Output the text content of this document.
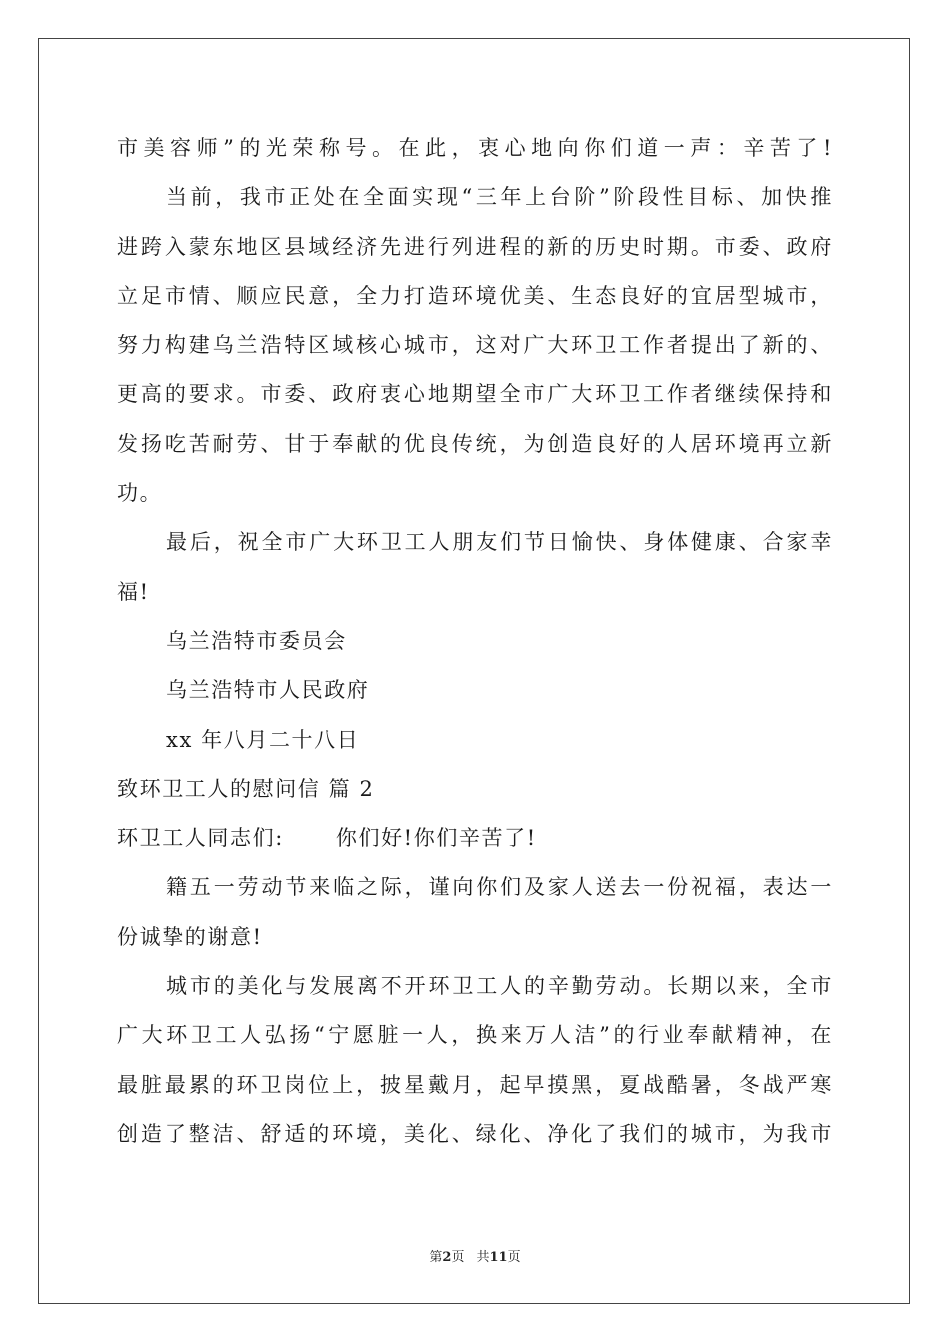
市美容师”的光荣称号。在此，衷心地向你们道一声：辛苦了!
当前，我市正处在全面实现“三年上台阶”阶段性目标、加快推
进跨入蒙东地区县域经济先进行列进程的新的历史时期。市委、政府
立足市情、顺应民意，全力打造环境优美、生态良好的宜居型城市，
努力构建乌兰浩特区域核心城市，这对广大环卫工作者提出了新的、
更高的要求。市委、政府衷心地期望全市广大环卫工作者继续保持和
发扬吃苦耐劳、甘于奉献的优良传统，为创造良好的人居环境再立新
功。
最后，祝全市广大环卫工人朋友们节日愉快、身体健康、合家幸
福!
乌兰浩特市委员会
乌兰浩特市人民政府
xx 年八月二十八日
致环卫工人的慰问信 篇 2
环卫工人同志们: 你们好!你们辛苦了!
籍五一劳动节来临之际，谨向你们及家人送去一份祝福，表达一
份诚挚的谢意!
城市的美化与发展离不开环卫工人的辛勤劳动。长期以来，全市
广大环卫工人弘扬“宁愿脏一人，换来万人洁”的行业奉献精神，在
最脏最累的环卫岗位上，披星戴月，起早摸黑，夏战酷暑，冬战严寒
创造了整洁、舒适的环境，美化、绿化、净化了我们的城市，为我市
第2页 共11页
